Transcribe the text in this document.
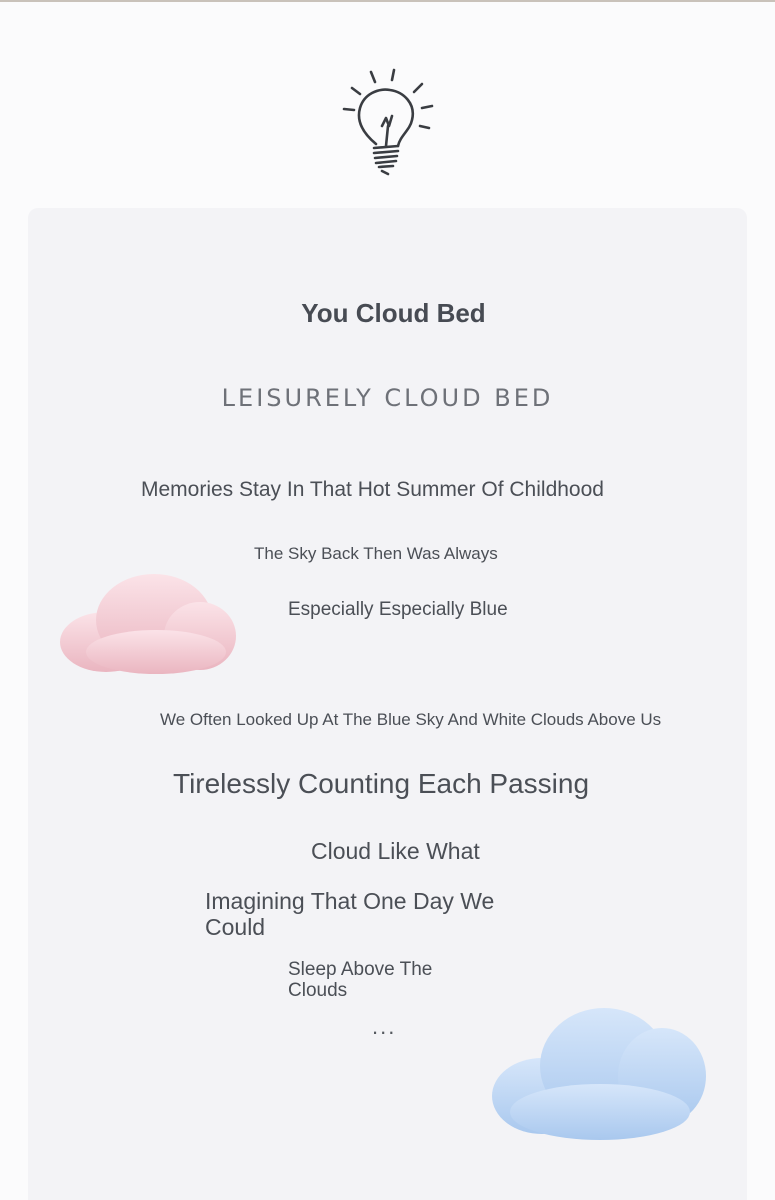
You Cloud Bed
LEISURELY CLOUD BED
Memories Stay In That Hot Summer Of Childhood
The Sky Back Then Was Always
Especially Especially Blue
We Often Looked Up At The Blue Sky And White Clouds Above Us
Tirelessly Counting Each Passing
Cloud Like What
Imagining That One Day We Could
Sleep Above The Clouds
...
